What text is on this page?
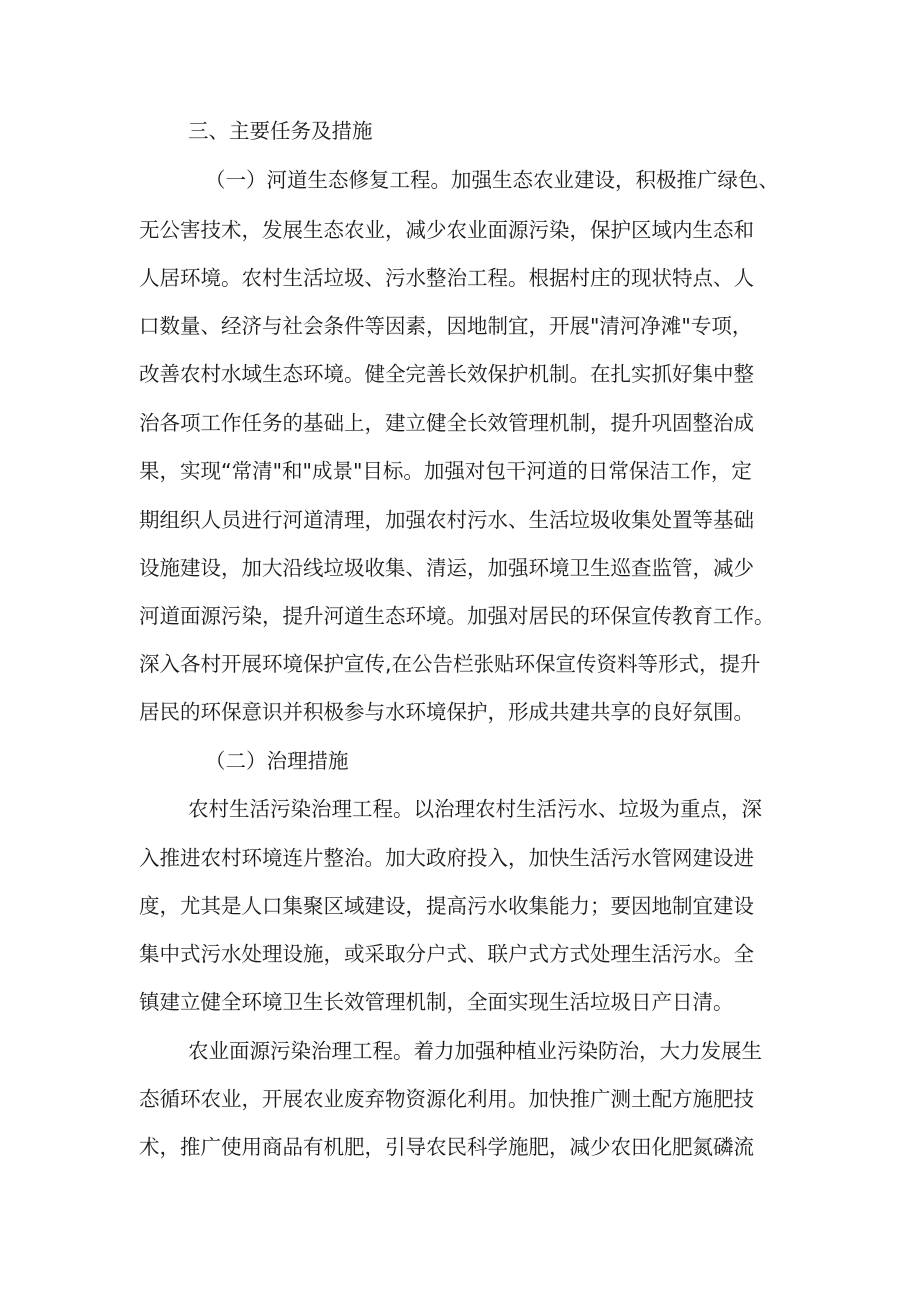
三、主要任务及措施
（一）河道生态修复工程。加强生态农业建设，积极推广绿色、
无公害技术，发展生态农业，减少农业面源污染，保护区域内生态和
人居环境。农村生活垃圾、污水整治工程。根据村庄的现状特点、人
口数量、经济与社会条件等因素，因地制宜，开展"清河净滩"专项，
改善农村水域生态环境。健全完善长效保护机制。在扎实抓好集中整
治各项工作任务的基础上，建立健全长效管理机制，提升巩固整治成
果，实现“常清"和"成景"目标。加强对包干河道的日常保洁工作，定
期组织人员进行河道清理，加强农村污水、生活垃圾收集处置等基础
设施建设，加大沿线垃圾收集、清运，加强环境卫生巡查监管，减少
河道面源污染，提升河道生态环境。加强对居民的环保宣传教育工作。
深入各村开展环境保护宣传,在公告栏张贴环保宣传资料等形式，提升
居民的环保意识并积极参与水环境保护，形成共建共享的良好氛围。
（二）治理措施
农村生活污染治理工程。以治理农村生活污水、垃圾为重点，深
入推进农村环境连片整治。加大政府投入，加快生活污水管网建设进
度，尤其是人口集聚区域建设，提高污水收集能力；要因地制宜建设
集中式污水处理设施，或采取分户式、联户式方式处理生活污水。全
镇建立健全环境卫生长效管理机制，全面实现生活垃圾日产日清。
农业面源污染治理工程。着力加强种植业污染防治，大力发展生
态循环农业，开展农业废弃物资源化利用。加快推广测土配方施肥技
术，推广使用商品有机肥，引导农民科学施肥，减少农田化肥氮磷流
